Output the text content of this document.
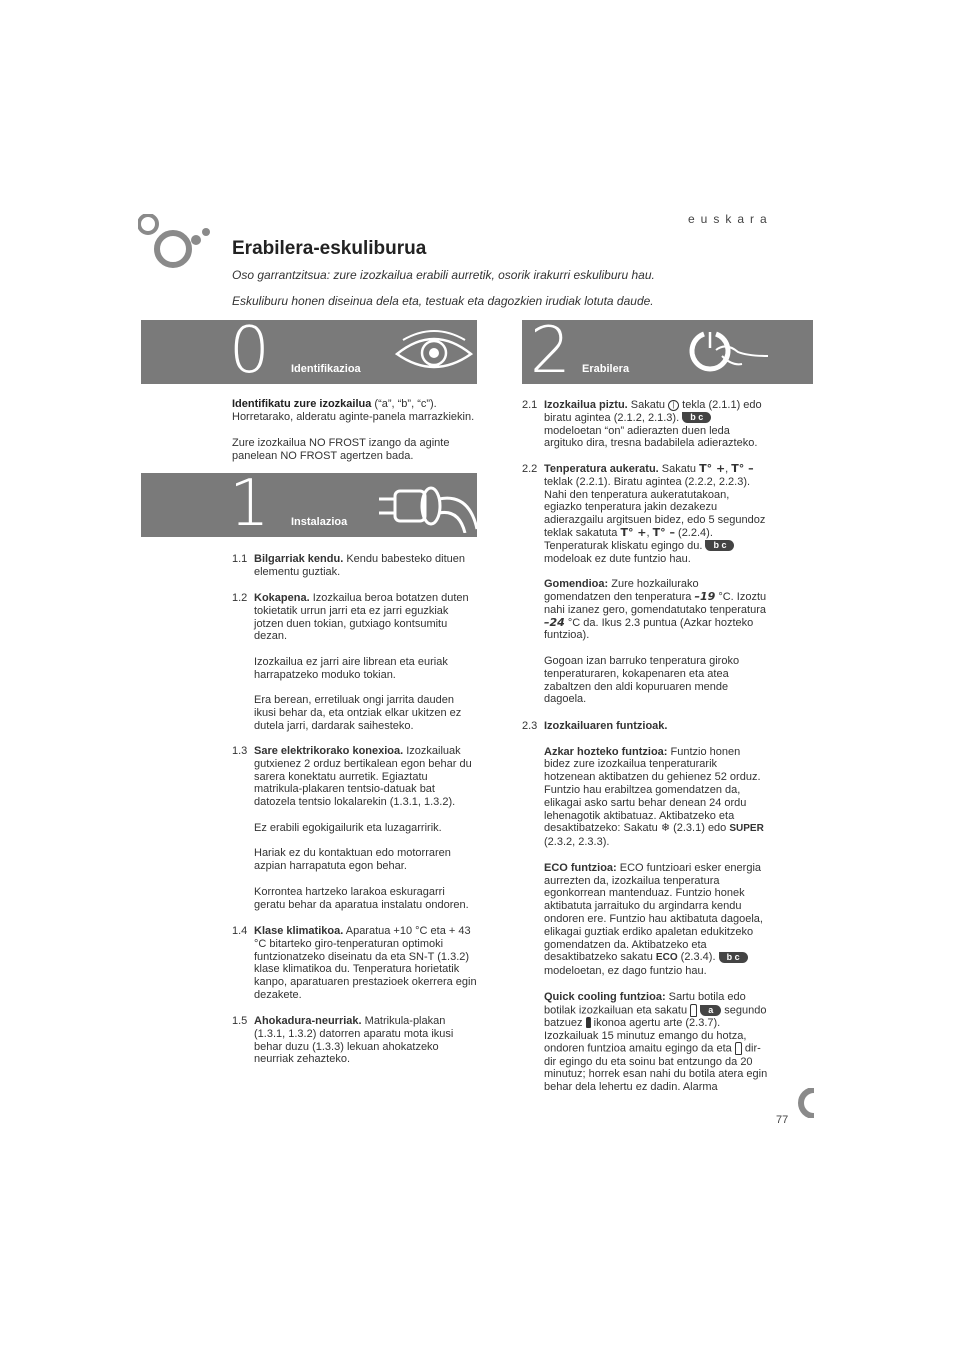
euskara
Erabilera-eskuliburua
Oso garrantzitsua: zure izozkailua erabili aurretik, osorik irakurri eskuliburu hau.
Eskuliburu honen diseinua dela eta, testuak eta dagozkien irudiak lotuta daude.
0 Identifikazioa	2 Erabilera
Identifikatu zure izozkailua (“a”, “b”, “c”). Horretarako, alderatu aginte-panela marrazkiekin.
Zure izozkailua NO FROST izango da aginte panelean NO FROST agertzen bada.
1 Instalazioa
1.1 Bilgarriak kendu. Kendu babesteko dituen elementu guztiak.

1.2 Kokapena. Izozkailua beroa botatzen duten tokietatik urrun jarri eta ez jarri eguzkiak jotzen duen tokian, gutxiago kontsumitu dezan.

Izozkailua ez jarri aire librean eta euriak harrapatzeko moduko tokian.

Era berean, erretiluak ongi jarrita dauden ikusi behar da, eta ontziak elkar ukitzen ez dutela jarri, dardarak saihesteko.

1.3 Sare elektrikorako konexioa. Izozkailuak gutxienez 2 orduz bertikalean egon behar du sarera konektatu aurretik. Egiaztatu matrikula-plakaren tentsio-datuak bat datozela tentsio lokalarekin (1.3.1, 1.3.2).

Ez erabili egokigailurik eta luzagarririk.

Hariak ez du kontaktuan edo motorraren azpian harrapatuta egon behar.

Korrontea hartzeko larakoa eskuragarri geratu behar da aparatua instalatu ondoren.

1.4 Klase klimatikoa. Aparatua +10 °C eta + 43 °C bitarteko giro-tenperaturan optimoki funtzionatzeko diseinatu da eta SN-T (1.3.2) klase klimatikoa du. Tenperatura horietatik kanpo, aparatuaren prestazioek okerrera egin dezakete.

1.5 Ahokadura-neurriak. Matrikula-plakan (1.3.1, 1.3.2) datorren aparatu mota ikusi behar duzu (1.3.3) lekuan ahokatzeko neurriak zehazteko.

2.1 Izozkailua piztu. Sakatu | tekla (2.1.1) edo biratu agintea (2.1.2, 2.1.3). b c modeloetan “on” adierazten duen leda argituko dira, tresna badabilela adierazteko.

2.2 Tenperatura aukeratu. Sakatu T° +, T° – teklak (2.2.1). Biratu agintea (2.2.2, 2.2.3). Nahi den tenperatura aukeratutakoan, egiazko tenperatura jakin dezakezu adierazgailu argitsuen bidez, edo 5 segundoz teklak sakatuta T° +, T° – (2.2.4). Tenperaturak kliskatu egingo du. b c modeloak ez dute funtzio hau.

Gomendioa: Zure hozkailurako gomendatzen den tenperatura –19 °C. Izoztu nahi izanez gero, gomendatutako tenperatura –24 °C da. Ikus 2.3 puntua (Azkar hozteko funtzioa).

Gogoan izan barruko tenperatura giroko tenperaturaren, kokapenaren eta atea zabaltzen den aldi kopuruaren mende dagoela.

2.3 Izozkailuaren funtzioak.

Azkar hozteko funtzioa: Funtzio honen bidez zure izozkailua tenperaturarik hotzenean aktibatzen du gehienez 52 orduz. Funtzio hau erabiltzea gomendatzen da, elikagai asko sartu behar denean 24 ordu lehenagotik aktibatuaz. Aktibatzeko eta desaktibatzeko: Sakatu ❄ (2.3.1) edo SUPER (2.3.2, 2.3.3).

ECO funtzioa: ECO funtzioari esker energia aurrezten da, izozkailua tenperatura egonkorrean mantenduaz. Funtzio honek aktibatuta jarraituko du argindarra kendu ondoren ere. Funtzio hau aktibatuta dagoela, elikagai guztiak erdiko apaletan edukitzeko gomendatzen da. Aktibatzeko eta desaktibatzeko sakatu ECO (2.3.4). b c modeloetan, ez dago funtzio hau.

Quick cooling funtzioa: Sartu botila edo botilak izozkailuan eta sakatu a segundo batzuez ikonoa agertu arte (2.3.7). Izozkailuak 15 minutuz emango du hotza, ondoren funtzioa amaitu egingo da eta dir-dir egingo du eta soinu bat entzungo da 20 minutuz; horrek esan nahi du botila atera egin behar dela lehertu ez dadin. Alarma

77
